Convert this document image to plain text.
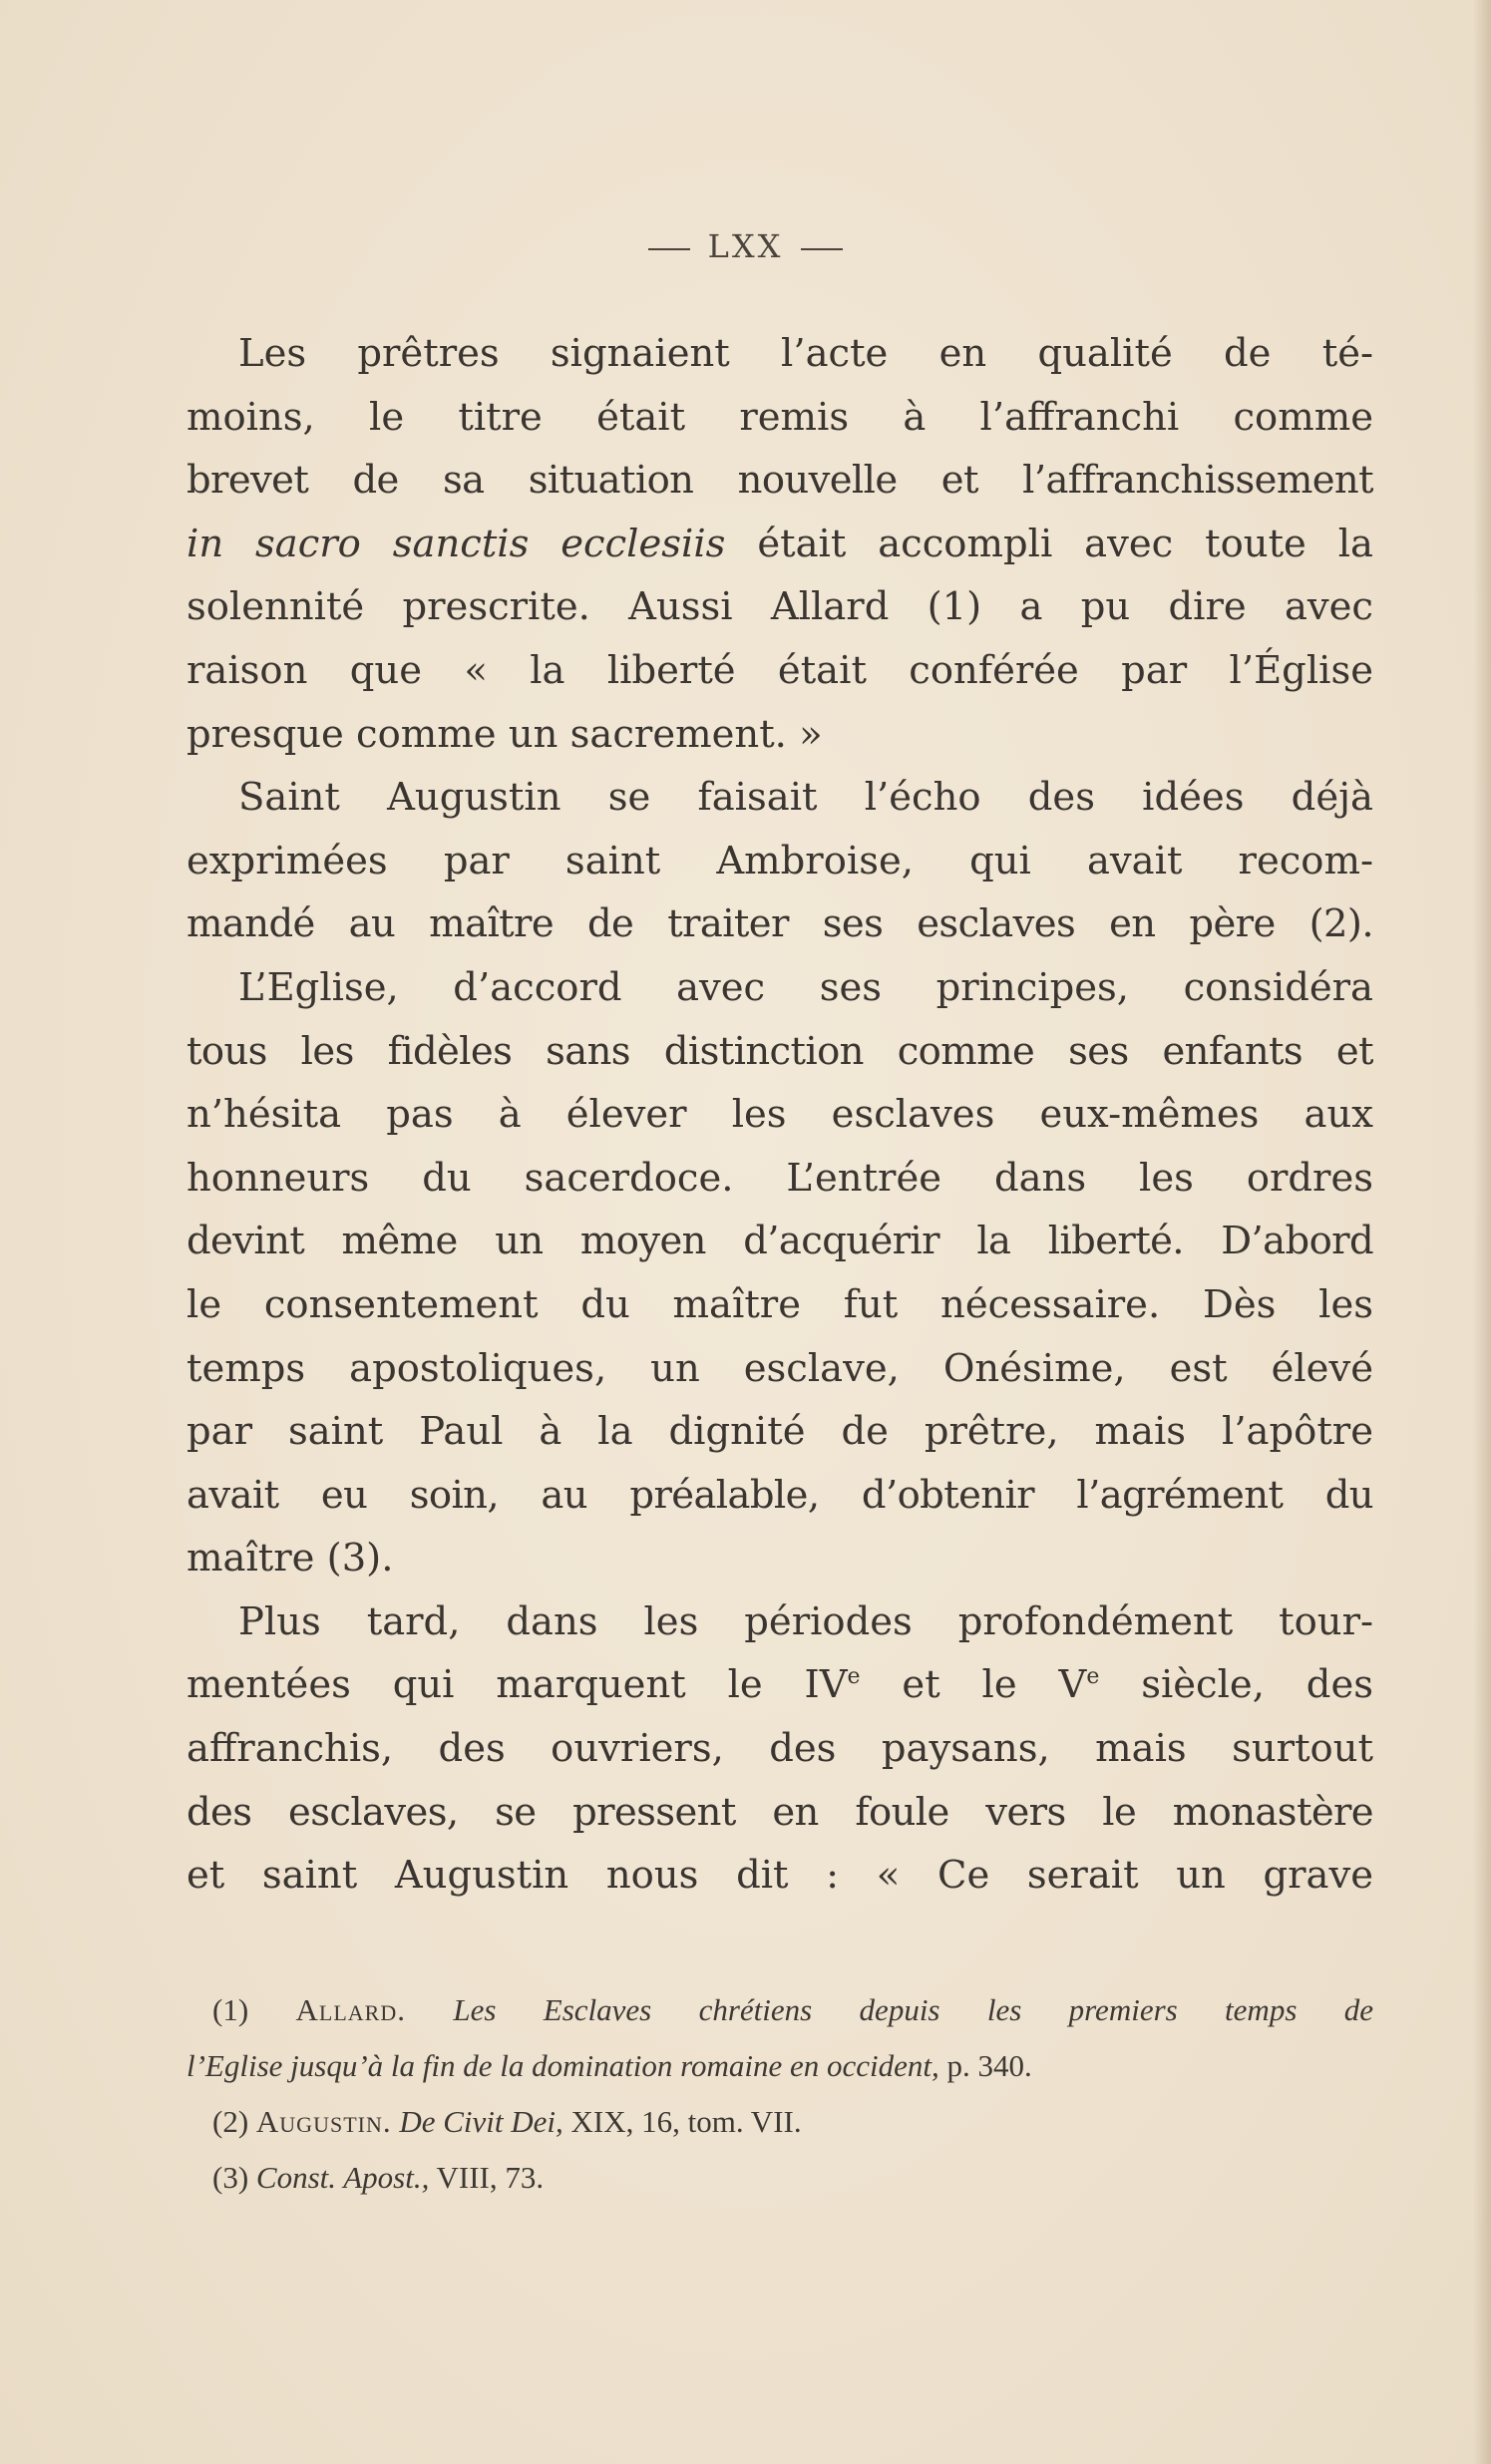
LXX
Les prêtres signaient l’acte en qualité de té-
moins, le titre était remis à l’affranchi comme
brevet de sa situation nouvelle et l’affranchissement
in sacro sanctis ecclesiis était accompli avec toute la
solennité prescrite. Aussi Allard (1) a pu dire avec
raison que « la liberté était conférée par l’Église
presque comme un sacrement. »
Saint Augustin se faisait l’écho des idées déjà
exprimées par saint Ambroise, qui avait recom-
mandé au maître de traiter ses esclaves en père (2).
L’Eglise, d’accord avec ses principes, considéra
tous les fidèles sans distinction comme ses enfants et
n’hésita pas à élever les esclaves eux-mêmes aux
honneurs du sacerdoce. L’entrée dans les ordres
devint même un moyen d’acquérir la liberté. D’abord
le consentement du maître fut nécessaire. Dès les
temps apostoliques, un esclave, Onésime, est élevé
par saint Paul à la dignité de prêtre, mais l’apôtre
avait eu soin, au préalable, d’obtenir l’agrément du
maître (3).
Plus tard, dans les périodes profondément tour-
mentées qui marquent le IVe et le Ve siècle, des
affranchis, des ouvriers, des paysans, mais surtout
des esclaves, se pressent en foule vers le monastère
et saint Augustin nous dit : « Ce serait un grave
(1) Allard. Les Esclaves chrétiens depuis les premiers temps de
l’Eglise jusqu’à la fin de la domination romaine en occident, p. 340.
(2) Augustin. De Civit Dei, XIX, 16, tom. VII.
(3) Const. Apost., VIII, 73.
